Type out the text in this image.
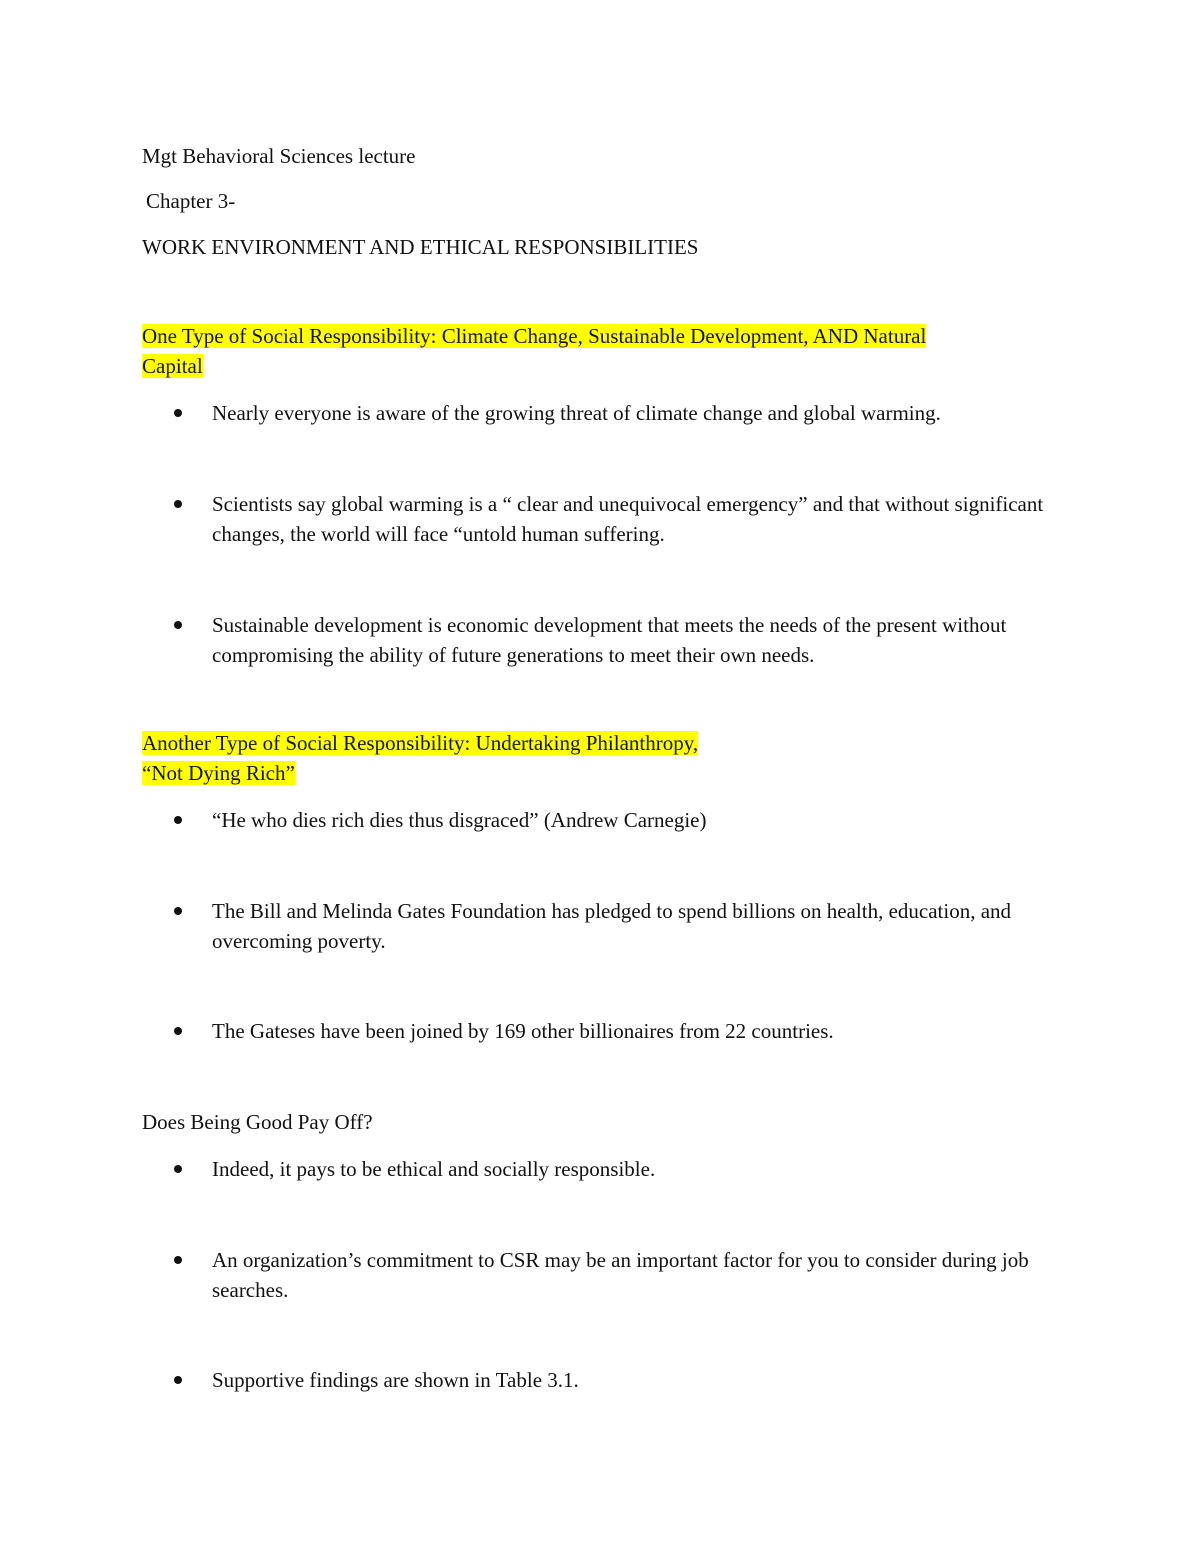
Mgt Behavioral Sciences lecture
Chapter 3-
WORK ENVIRONMENT AND ETHICAL RESPONSIBILITIES
One Type of Social Responsibility: Climate Change, Sustainable Development, AND Natural
Capital
Nearly everyone is aware of the growing threat of climate change and global warming.
Scientists say global warming is a “ clear and unequivocal emergency” and that without significant changes, the world will face “untold human suffering.
Sustainable development is economic development that meets the needs of the present without compromising the ability of future generations to meet their own needs.
Another Type of Social Responsibility: Undertaking Philanthropy,
“Not Dying Rich”
“He who dies rich dies thus disgraced” (Andrew Carnegie)
The Bill and Melinda Gates Foundation has pledged to spend billions on health, education, and overcoming poverty.
The Gateses have been joined by 169 other billionaires from 22 countries.
Does Being Good Pay Off?
Indeed, it pays to be ethical and socially responsible.
An organization’s commitment to CSR may be an important factor for you to consider during job searches.
Supportive findings are shown in Table 3.1.
